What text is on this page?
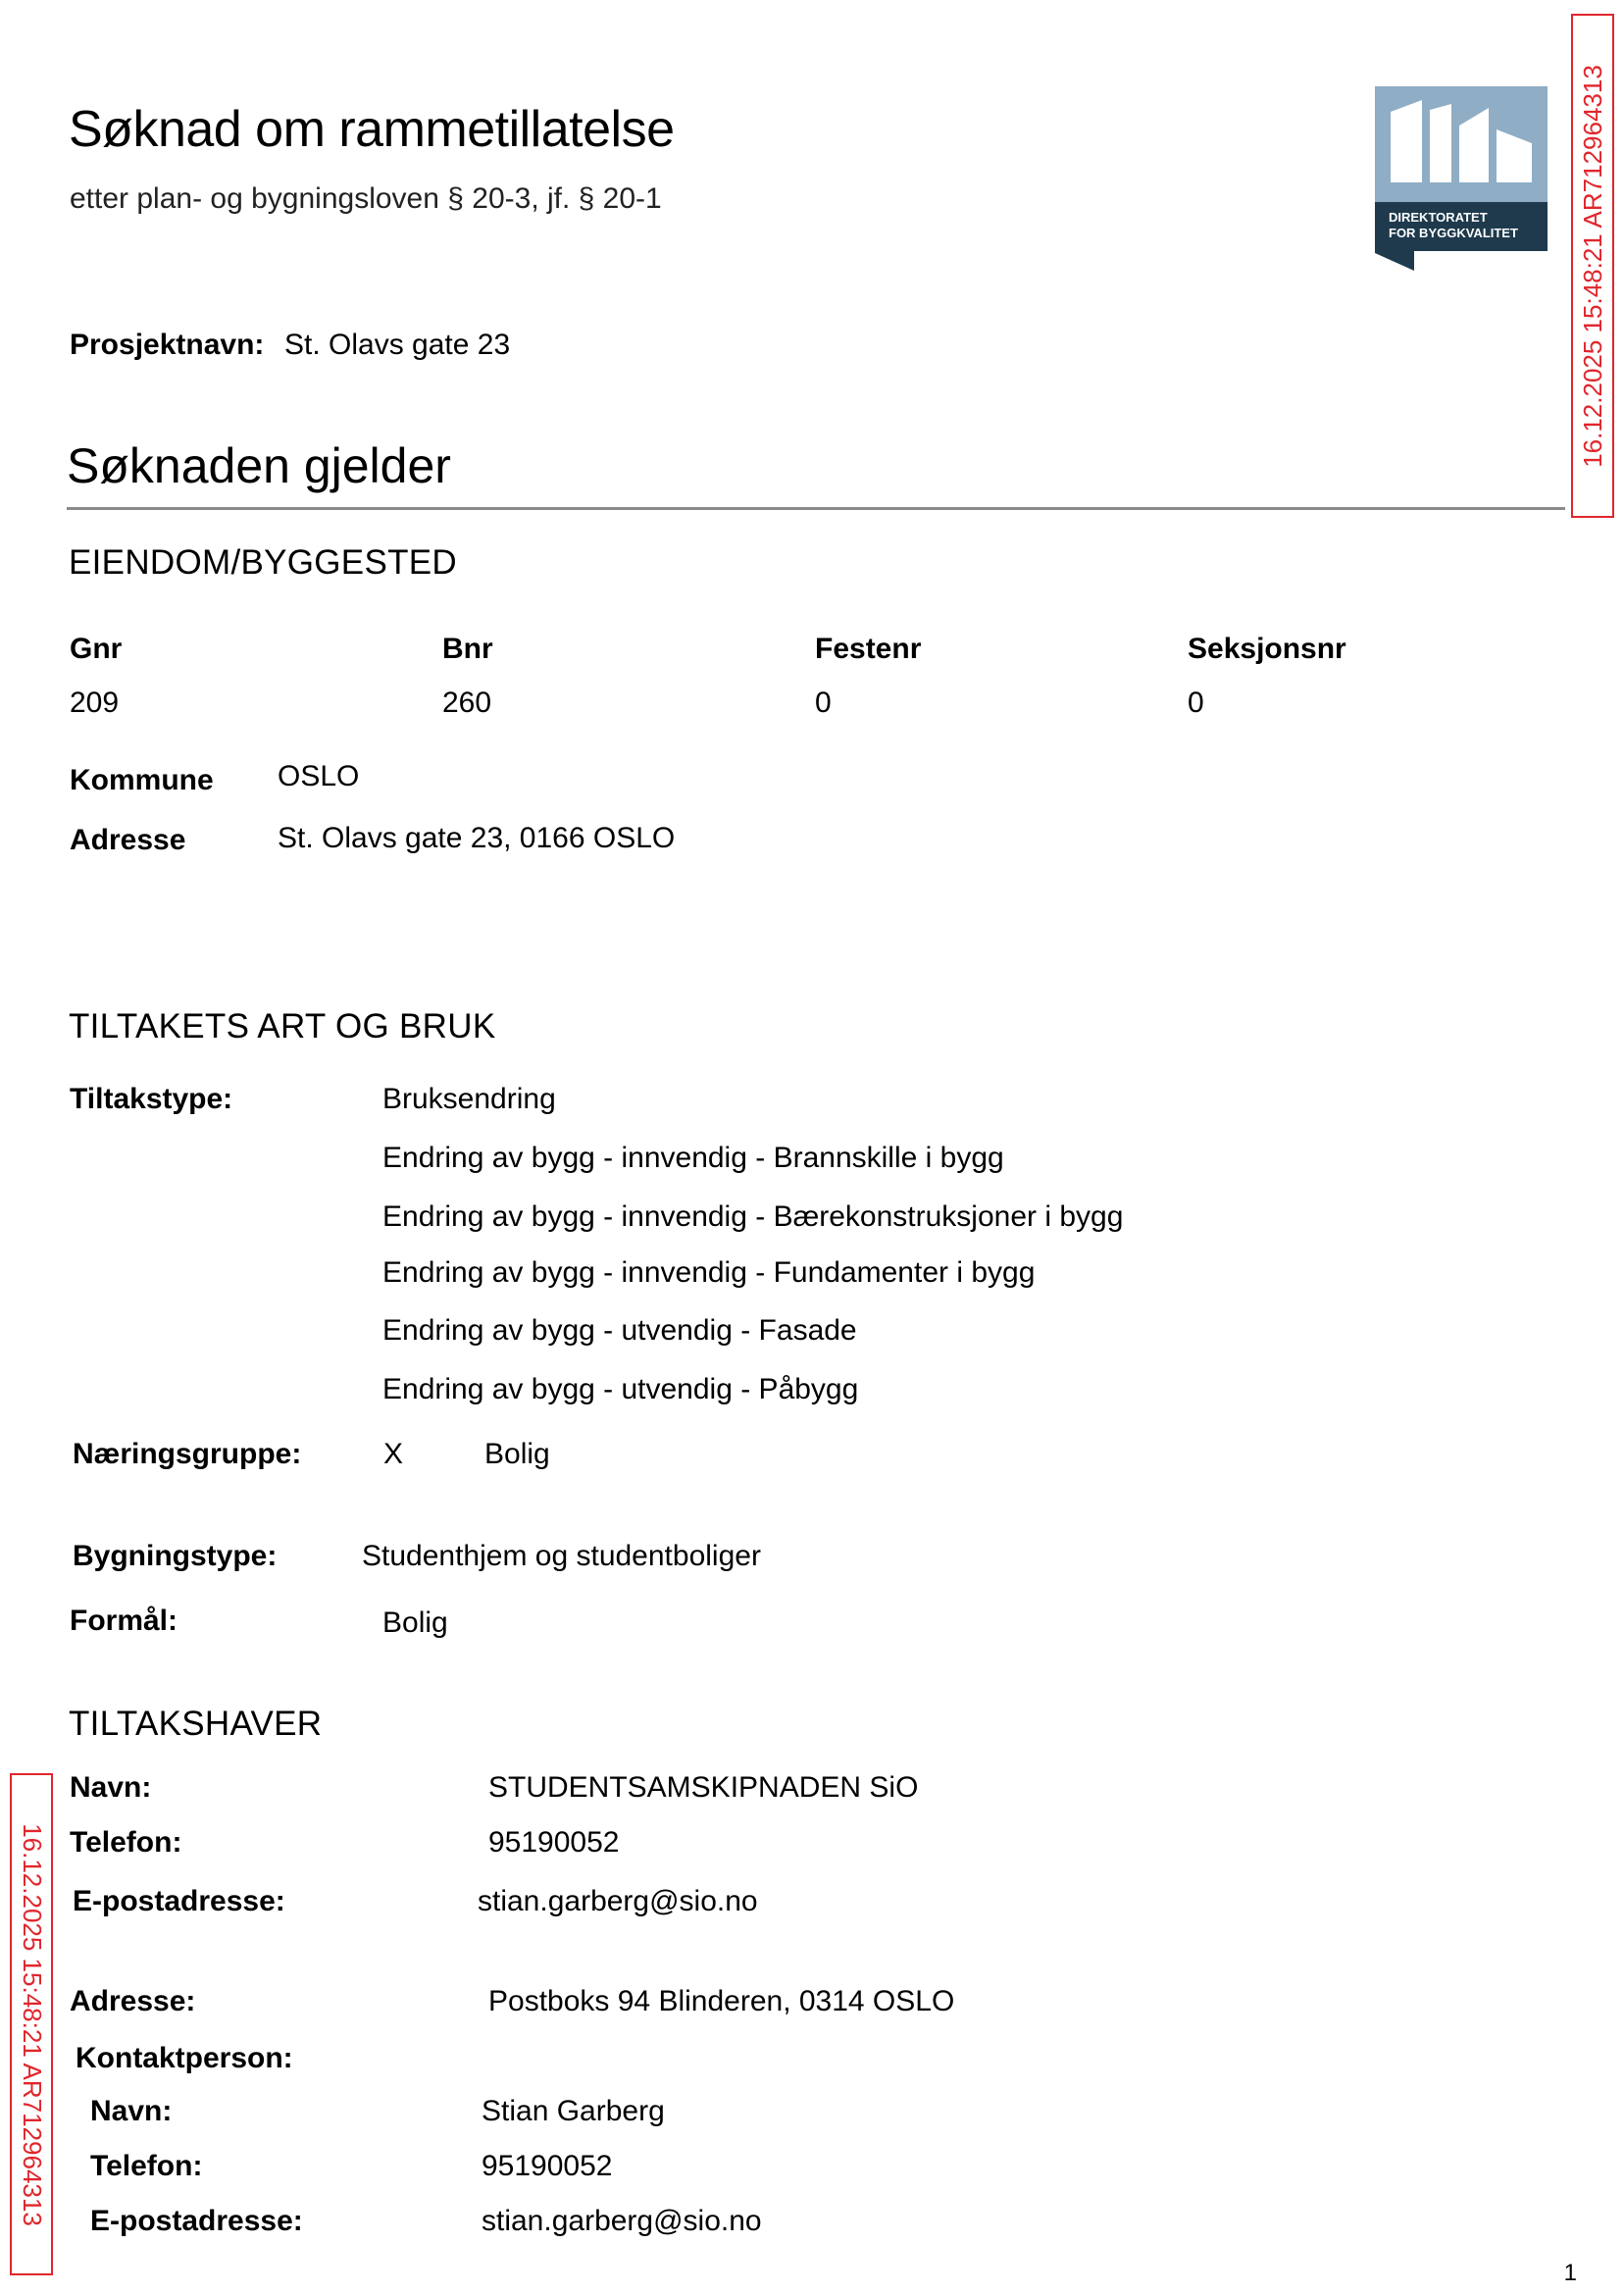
Søknad om rammetillatelse
etter plan- og bygningsloven § 20-3, jf. § 20-1
Prosjektnavn: St. Olavs gate 23
DIREKTORATET
FOR BYGGKVALITET 16.12.2025 15:48:21 AR712964313
Søknaden gjelder
EIENDOM/BYGGESTED
Gnr	Bnr	Festenr	Seksjonsnr
209	260	0	0
Kommune OSLO
Adresse	St. Olavs gate 23, 0166 OSLO
TILTAKETS ART OG BRUK
Tiltakstype:	Bruksendring
Endring av bygg - innvendig - Brannskille i bygg
Endring av bygg - innvendig - Bærekonstruksjoner i bygg
Endring av bygg - innvendig - Fundamenter i bygg
Endring av bygg - utvendig - Fasade
Endring av bygg - utvendig - Påbygg
Næringsgruppe:	X	Bolig
Bygningstype:	Studenthjem og studentboliger
Formål:	Bolig
TILTAKSHAVER
Navn:	STUDENTSAMSKIPNADEN SiO
Telefon:	95190052
E-postadresse:	stian.garberg@sio.no
Adresse:	Postboks 94 Blinderen, 0314 OSLO
Kontaktperson:
Navn:	Stian Garberg
Telefon:	95190052
E-postadresse:	stian.garberg@sio.no
16.12.2025 15:48:21 AR712964313
1
